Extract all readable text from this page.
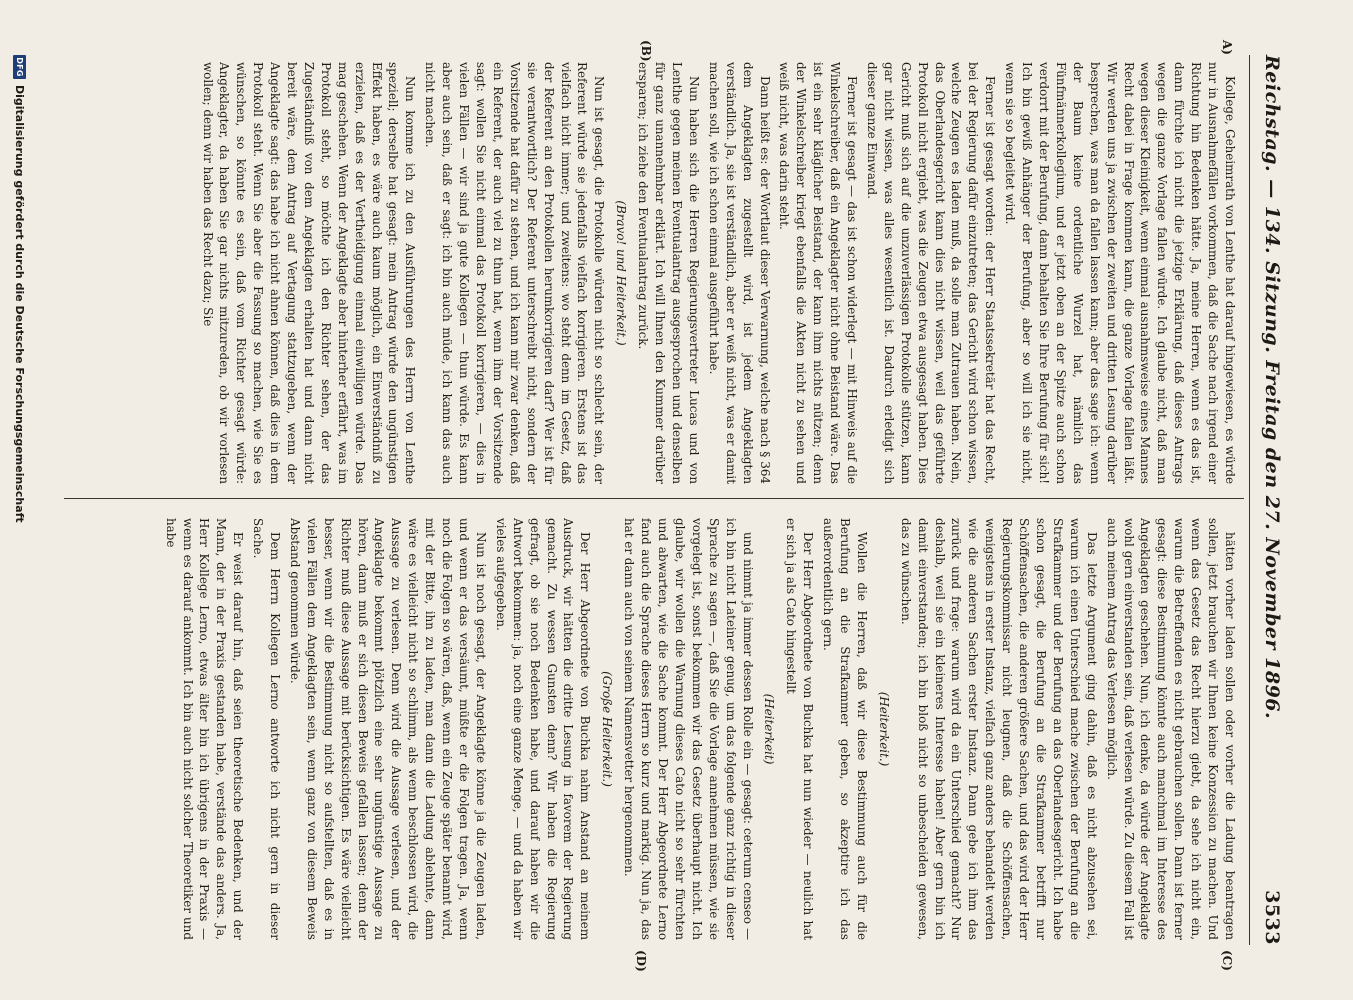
Reichstag. — 134. Sitzung. Freitag den 27. November 1896.
3533
A)
(B)
(C)
(D)

Kollege, Geheimrath von Lenthe hat darauf hingewiesen, es würde nur in Ausnahmefällen vorkommen, daß die Sache nach irgend einer Richtung hin Bedenken hätte. Ja, meine Herren, wenn es das ist, dann fürchte ich nicht die jetzige Erklärung, daß dieses Antrags wegen die ganze Vorlage fallen würde. Ich glaube nicht, daß man wegen dieser Kleinigkeit, wenn einmal ausnahmsweise eines Mannes Recht dabei in Frage kommen kann, die ganze Vorlage fallen läßt. Wir werden uns ja zwischen der zweiten und dritten Lesung darüber besprechen, was man da fallen lassen kann; aber das sage ich: wenn der Baum keine ordentliche Wurzel hat, nämlich das Fünfmännerkollegium, und er jetzt oben an der Spitze auch schon verdorrt mit der Berufung, dann behalten Sie Ihre Berufung für sich! Ich bin gewiß Anhänger der Berufung, aber so will ich sie nicht, wenn sie so begleitet wird.

Ferner ist gesagt worden: der Herr Staatssekretär hat das Recht, bei der Regierung dafür einzutreten; das Gericht wird schon wissen, welche Zeugen es laden muß, da solle man Zutrauen haben. Nein, das Oberlandesgericht kann dies nicht wissen, weil das geführte Protokoll nicht ergiebt, was die Zeugen etwa ausgesagt haben. Dies Gericht muß sich auf die unzuverlässigen Protokolle stützen, kann gar nicht wissen, was alles wesentlich ist. Dadurch erledigt sich dieser ganze Einwand.

Ferner ist gesagt — das ist schon widerlegt — mit Hinweis auf die Winkelschreiber, daß ein Angeklagter nicht ohne Beistand wäre. Das ist ein sehr kläglicher Beistand, der kann ihm nichts nützen; denn der Winkelschreiber kriegt ebenfalls die Akten nicht zu sehen und weiß nicht, was darin steht.

Dann heißt es: der Wortlaut dieser Verwarnung, welche nach § 364 dem Angeklagten zugestellt wird, ist jedem Angeklagten verständlich. Ja, sie ist verständlich, aber er weiß nicht, was er damit machen soll, wie ich schon einmal ausgeführt habe.

Nun haben sich die Herren Regierungsvertreter Lucas und von Lenthe gegen meinen Eventualantrag ausgesprochen und denselben für ganz unannehmbar erklärt. Ich will Ihnen den Kummer darüber ersparen; ich ziehe den Eventualantrag zurück.

(Bravo! und Heiterkeit.)

Nun ist gesagt, die Protokolle würden nicht so schlecht sein, der Referent würde sie jedenfalls vielfach korrigieren. Erstens ist das vielfach nicht immer; und zweitens: wo steht denn im Gesetz, daß der Referent an den Protokollen herumkorrigieren darf? Wer ist für sie verantwortlich? Der Referent unterschreibt nicht, sondern der Vorsitzende hat dafür zu stehen, und ich kann mir zwar denken, daß ein Referent, der auch viel zu thun hat, wenn ihm der Vorsitzende sagt: wollen Sie nicht einmal das Protokoll korrigieren, — dies in vielen Fällen — wir sind ja gute Kollegen — thun würde. Es kann aber auch sein, daß er sagt: ich bin auch müde, ich kann das auch nicht machen.

Nun komme ich zu den Ausführungen des Herrn von Lenthe speziell; derselbe hat gesagt: mein Antrag würde den ungünstigen Effekt haben, es wäre auch kaum möglich, ein Einverständniß zu erzielen, daß es der Vertheidigung einmal einwilligen würde. Das mag geschehen. Wenn der Angeklagte aber hinterher erfährt, was im Protokoll steht, so möchte ich den Richter sehen, der das Zugeständniß von dem Angeklagten erhalten hat und dann nicht bereit wäre, dem Antrag auf Vertagung stattzugeben, wenn der Angeklagte sagt: das habe ich nicht ahnen können, daß dies in dem Protokoll steht. Wenn Sie aber die Fassung so machen, wie Sie es wünschen, so könnte es sein, daß vom Richter gesagt würde: Angeklagter, da haben Sie gar nichts mitzureden, ob wir vorlesen wollen; denn wir haben das Recht dazu; Sie

hätten vorher laden sollen oder vorher die Ladung beantragen sollen, jetzt brauchen wir Ihnen keine Konzession zu machen. Und wenn das Gesetz das Recht hierzu giebt, da sehe ich nicht ein, warum die Betreffenden es nicht gebrauchen sollen. Dann ist ferner gesagt: diese Bestimmung könnte auch manchmal im Interesse des Angeklagten geschehen. Nun, ich denke, da würde der Angeklagte wohl gern einverstanden sein, daß verlesen würde. Zu diesem Fall ist auch meinem Antrag das Verlesen möglich.

Das letzte Argument ging dahin, daß es nicht abzusehen sei, warum ich einen Unterschied mache zwischen der Berufung an die Strafkammer und der Berufung an das Oberlandesgericht. Ich habe schon gesagt, die Berufung an die Strafkammer betrifft nur Schöffensachen, die anderen größere Sachen, und das wird der Herr Regierungskommissar nicht leugnen, daß die Schöffensachen, wenigstens in erster Instanz, vielfach ganz anders behandelt werden wie die anderen Sachen erster Instanz. Dann gebe ich ihm das zurück und frage: warum wird da ein Unterschied gemacht? Nur deshalb, weil sie ein kleineres Interesse haben! Aber gern bin ich damit einverstanden; ich bin bloß nicht so unbescheiden gewesen, das zu wünschen.

(Heiterkeit.)

Wollen die Herren, daß wir diese Bestimmung auch für die Berufung an die Strafkammer geben, so akzeptire ich das außerordentlich gern.

Der Herr Abgeordnete von Buchka hat nun wieder — neulich hat er sich ja als Cato hingestellt

(Heiterkeit)

und nimmt ja immer dessen Rolle ein — gesagt: ceterum censeo — ich bin nicht Lateiner genug, um das folgende ganz richtig in dieser Sprache zu sagen —, daß Sie die Vorlage annehmen müssen, wie sie vorgelegt ist, sonst bekommen wir das Gesetz überhaupt nicht. Ich glaube, wir wollen die Warnung dieses Cato nicht so sehr fürchten und abwarten, wie die Sache kommt. Der Herr Abgeordnete Lerno fand auch die Sprache dieses Herrn so kurz und markig. Nun ja, das hat er dann auch von seinem Namensvetter hergenommen.

(Große Heiterkeit.)

Der Herr Abgeordnete von Buchka nahm Anstand an meinem Ausdruck, wir hätten die dritte Lesung in favorem der Regierung gemacht. Zu wessen Gunsten denn? Wir haben die Regierung gefragt, ob sie noch Bedenken habe, und darauf haben wir die Antwort bekommen: ja, noch eine ganze Menge, — und da haben wir vieles aufgegeben.

Nun ist noch gesagt, der Angeklagte könne ja die Zeugen laden, und wenn er das versäumt, müßte er die Folgen tragen. Ja, wenn noch die Folgen so wären, daß, wenn ein Zeuge später benannt wird, mit der Bitte, ihn zu laden, man dann die Ladung ablehnte, dann wäre es vielleicht nicht so schlimm, als wenn beschlossen wird, die Aussage zu verlesen. Denn wird die Aussage verlesen, und der Angeklagte bekommt plötzlich eine sehr ungünstige Aussage zu hören, dann muß er sich diesen Beweis gefallen lassen; denn der Richter muß diese Aussage mit berücksichtigen. Es wäre vielleicht besser, wenn wir die Bestimmung nicht so aufstellten, daß es in vielen Fällen dem Angeklagten sein, wenn ganz von diesem Beweis Abstand genommen würde.

Dem Herrn Kollegen Lerno antworte ich nicht gern in dieser Sache.

Er weist darauf hin, daß seien theoretische Bedenken, und der Mann, der in der Praxis gestanden habe, verstände das anders. Ja, Herr Kollege Lerno, etwas älter bin ich übrigens in der Praxis — wenn es darauf ankommt. Ich bin auch nicht solcher Theoretiker und habe

DFG
Digitalisierung gefördert durch die Deutsche Forschungsgemeinschaft
